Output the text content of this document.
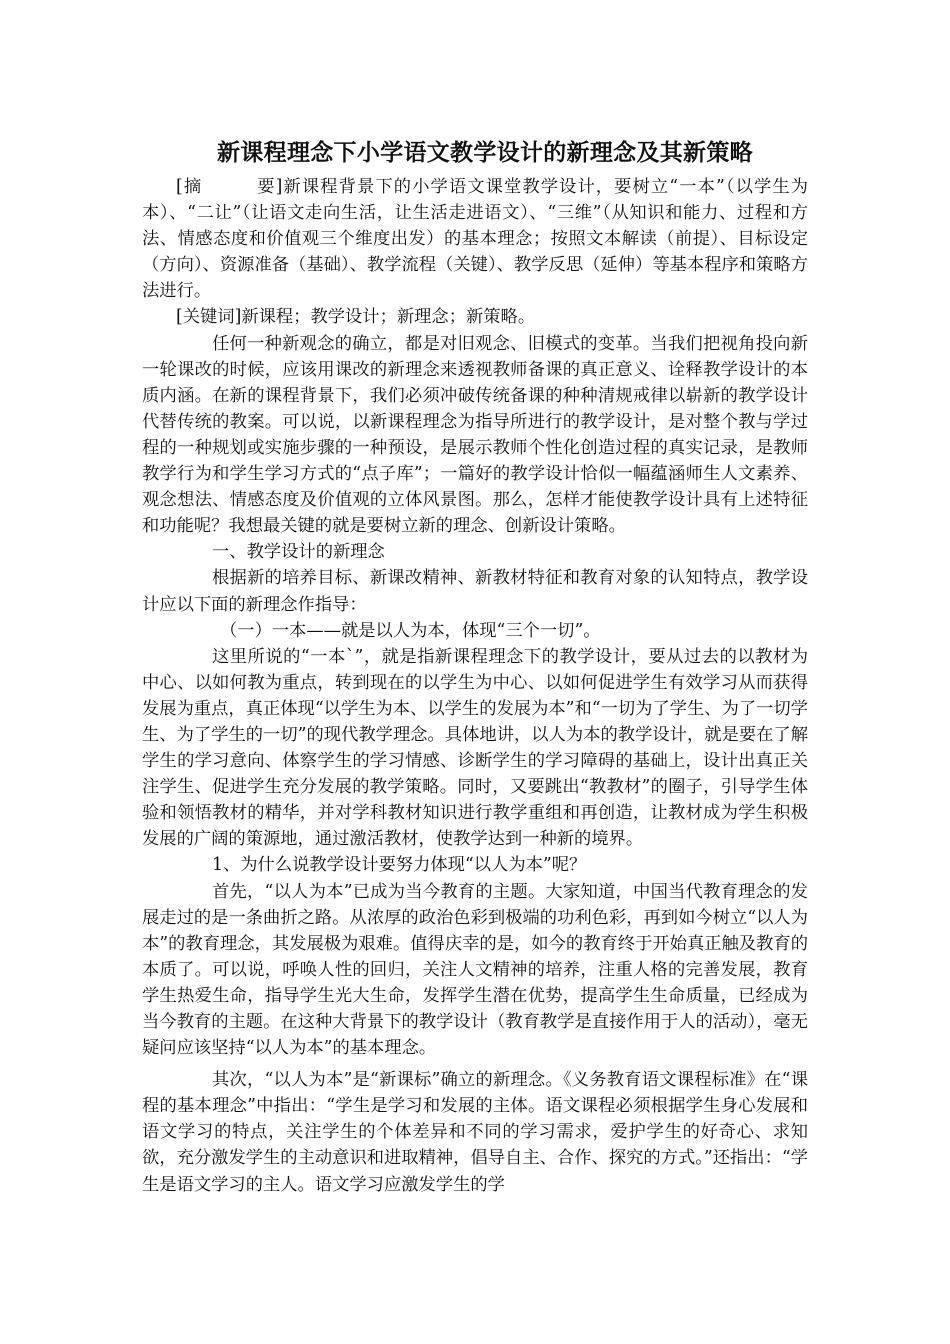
新课程理念下小学语文教学设计的新理念及其新策略

[摘　　　要]新课程背景下的小学语文课堂教学设计，要树立“一本”（以学生为本）、“二让”（让语文走向生活，让生活走进语文）、“三维”（从知识和能力、过程和方法、情感态度和价值观三个维度出发）的基本理念；按照文本解读（前提）、目标设定（方向）、资源准备（基础）、教学流程（关键）、教学反思（延伸）等基本程序和策略方法进行。

[关键词]新课程；教学设计；新理念；新策略。

任何一种新观念的确立，都是对旧观念、旧模式的变革。当我们把视角投向新一轮课改的时候，应该用课改的新理念来透视教师备课的真正意义、诠释教学设计的本质内涵。在新的课程背景下，我们必须冲破传统备课的种种清规戒律以崭新的教学设计代替传统的教案。可以说，以新课程理念为指导所进行的教学设计，是对整个教与学过程的一种规划或实施步骤的一种预设，是展示教师个性化创造过程的真实记录，是教师教学行为和学生学习方式的“点子库”；一篇好的教学设计恰似一幅蕴涵师生人文素养、观念想法、情感态度及价值观的立体风景图。那么，怎样才能使教学设计具有上述特征和功能呢？我想最关键的就是要树立新的理念、创新设计策略。

一、教学设计的新理念

根据新的培养目标、新课改精神、新教材特征和教育对象的认知特点，教学设计应以下面的新理念作指导：

（一）一本——就是以人为本，体现“三个一切”。

这里所说的“一本`”，就是指新课程理念下的教学设计，要从过去的以教材为中心、以如何教为重点，转到现在的以学生为中心、以如何促进学生有效学习从而获得发展为重点，真正体现“以学生为本、以学生的发展为本”和“一切为了学生、为了一切学生、为了学生的一切”的现代教学理念。具体地讲，以人为本的教学设计，就是要在了解学生的学习意向、体察学生的学习情感、诊断学生的学习障碍的基础上，设计出真正关注学生、促进学生充分发展的教学策略。同时，又要跳出“教教材”的圈子，引导学生体验和领悟教材的精华，并对学科教材知识进行教学重组和再创造，让教材成为学生积极发展的广阔的策源地，通过激活教材，使教学达到一种新的境界。

1、为什么说教学设计要努力体现“以人为本”呢？

首先，“以人为本”已成为当今教育的主题。大家知道，中国当代教育理念的发展走过的是一条曲折之路。从浓厚的政治色彩到极端的功利色彩，再到如今树立“以人为本”的教育理念，其发展极为艰难。值得庆幸的是，如今的教育终于开始真正触及教育的本质了。可以说，呼唤人性的回归，关注人文精神的培养，注重人格的完善发展，教育学生热爱生命，指导学生光大生命，发挥学生潜在优势，提高学生生命质量，已经成为当今教育的主题。在这种大背景下的教学设计（教育教学是直接作用于人的活动），毫无疑问应该坚持“以人为本”的基本理念。

其次，“以人为本”是“新课标”确立的新理念。《义务教育语文课程标准》在“课程的基本理念”中指出：“学生是学习和发展的主体。语文课程必须根据学生身心发展和语文学习的特点，关注学生的个体差异和不同的学习需求，爱护学生的好奇心、求知欲，充分激发学生的主动意识和进取精神，倡导自主、合作、探究的方式。”还指出：“学生是语文学习的主人。语文学习应激发学生的学
